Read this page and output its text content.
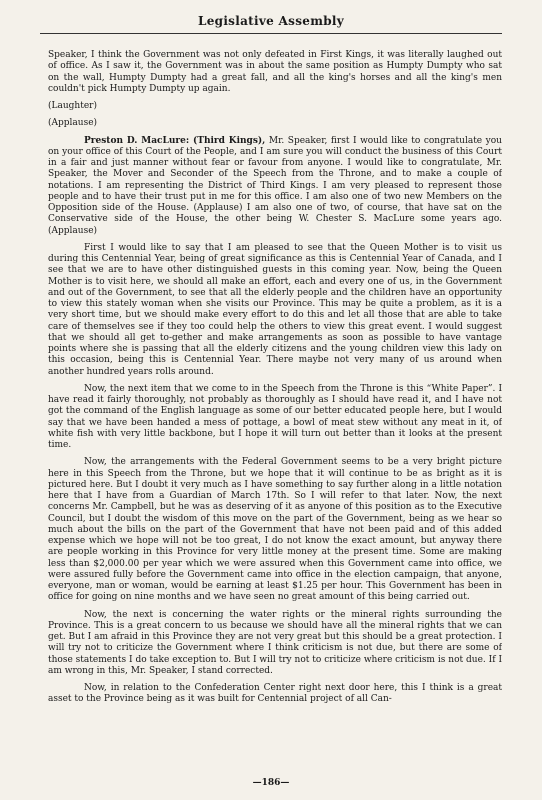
Legislative Assembly

Speaker, I think the Government was not only defeated in First Kings, it was literally laughed out of office. As I saw it, the Government was in about the same position as Humpty Dumpty who sat on the wall, Humpty Dumpty had a great fall, and all the king's horses and all the king's men couldn't pick Humpty Dumpty up again.

(Laughter)

(Applause)

Preston D. MacLure: (Third Kings), Mr. Speaker, first I would like to congratulate you on your office of this Court of the People, and I am sure you will conduct the business of this Court in a fair and just manner without fear or favour from anyone. I would like to congratulate, Mr. Speaker, the Mover and Seconder of the Speech from the Throne, and to make a couple of notations. I am representing the District of Third Kings. I am very pleased to represent those people and to have their trust put in me for this office. I am also one of two new Members on the Opposition side of the House. (Applause) I am also one of two, of course, that have sat on the Conservative side of the House, the other being W. Chester S. MacLure some years ago. (Applause)

First I would like to say that I am pleased to see that the Queen Mother is to visit us during this Centennial Year, being of great significance as this is Centennial Year of Canada, and I see that we are to have other distinguished guests in this coming year. Now, being the Queen Mother is to visit here, we should all make an effort, each and every one of us, in the Government and out of the Government, to see that all the elderly people and the children have an opportunity to view this stately woman when she visits our Province. This may be quite a problem, as it is a very short time, but we should make every effort to do this and let all those that are able to take care of themselves see if they too could help the others to view this great event. I would suggest that we should all get to-gether and make arrangements as soon as possible to have vantage points where she is passing that all the elderly citizens and the young children view this lady on this occasion, being this is Centennial Year. There maybe not very many of us around when another hundred years rolls around.

Now, the next item that we come to in the Speech from the Throne is this “White Paper”. I have read it fairly thoroughly, not probably as thoroughly as I should have read it, and I have not got the command of the English language as some of our better educated people here, but I would say that we have been handed a mess of pottage, a bowl of meat stew without any meat in it, of white fish with very little backbone, but I hope it will turn out better than it looks at the present time.

Now, the arrangements with the Federal Government seems to be a very bright picture here in this Speech from the Throne, but we hope that it will continue to be as bright as it is pictured here. But I doubt it very much as I have something to say further along in a little notation here that I have from a Guardian of March 17th. So I will refer to that later. Now, the next concerns Mr. Campbell, but he was as deserving of it as anyone of this position as to the Executive Council, but I doubt the wisdom of this move on the part of the Government, being as we hear so much about the bills on the part of the Government that have not been paid and of this added expense which we hope will not be too great, I do not know the exact amount, but anyway there are people working in this Province for very little money at the present time. Some are making less than $2,000.00 per year which we were assured when this Government came into office, we were assured fully before the Government came into office in the election campaign, that anyone, everyone, man or woman, would be earning at least $1.25 per hour. This Government has been in office for going on nine months and we have seen no great amount of this being carried out.

Now, the next is concerning the water rights or the mineral rights surrounding the Province. This is a great concern to us because we should have all the mineral rights that we can get. But I am afraid in this Province they are not very great but this should be a great protection. I will try not to criticize the Government where I think criticism is not due, but there are some of those statements I do take exception to. But I will try not to criticize where criticism is not due. If I am wrong in this, Mr. Speaker, I stand corrected.

Now, in relation to the Confederation Center right next door here, this I think is a great asset to the Province being as it was built for Centennial project of all Can-

—186—
